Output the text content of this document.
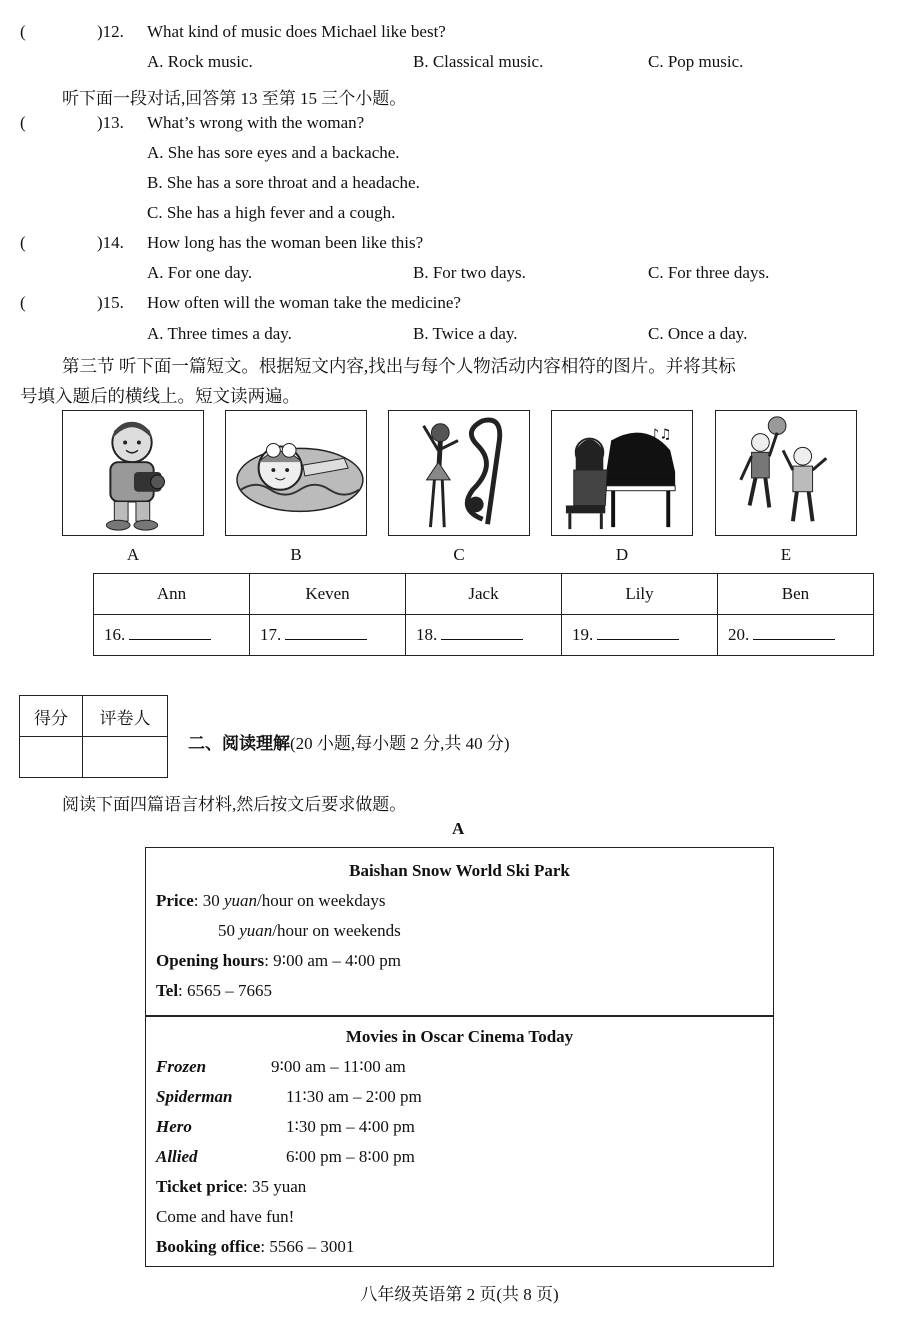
(	)12. What kind of music does Michael like best?
A. Rock music.	B. Classical music.	C. Pop music.
听下面一段对话,回答第 13 至第 15 三个小题。
(	)13. What’s wrong with the woman?
A. She has sore eyes and a backache.
B. She has a sore throat and a headache.
C. She has a high fever and a cough.
(	)14. How long has the woman been like this?
A. For one day.	B. For two days.	C. For three days.
(	)15. How often will the woman take the medicine?
A. Three times a day.	B. Twice a day.	C. Once a day.
第三节 听下面一篇短文。根据短文内容,找出与每个人物活动内容相符的图片。并将其标
号填入题后的横线上。短文读两遍。
♪♫
A	B	C	D	E
Ann	Keven	Jack	Lily	Ben
16.	17.	18.	19.	20.
得分	评卷人

二、阅读理解(20 小题,每小题 2 分,共 40 分)
阅读下面四篇语言材料,然后按文后要求做题。
A
Baishan Snow World Ski Park
Price: 30 yuan/hour on weekdays
50 yuan/hour on weekends
Opening hours: 9∶00 am – 4∶00 pm
Tel: 6565 – 7665
Movies in Oscar Cinema Today
Frozen	9∶00 am – 11∶00 am
Spiderman	11∶30 am – 2∶00 pm
Hero	1∶30 pm – 4∶00 pm
Allied	6∶00 pm – 8∶00 pm
Ticket price: 35 yuan
Come and have fun!
Booking office: 5566 – 3001
八年级英语第 2 页(共 8 页)
